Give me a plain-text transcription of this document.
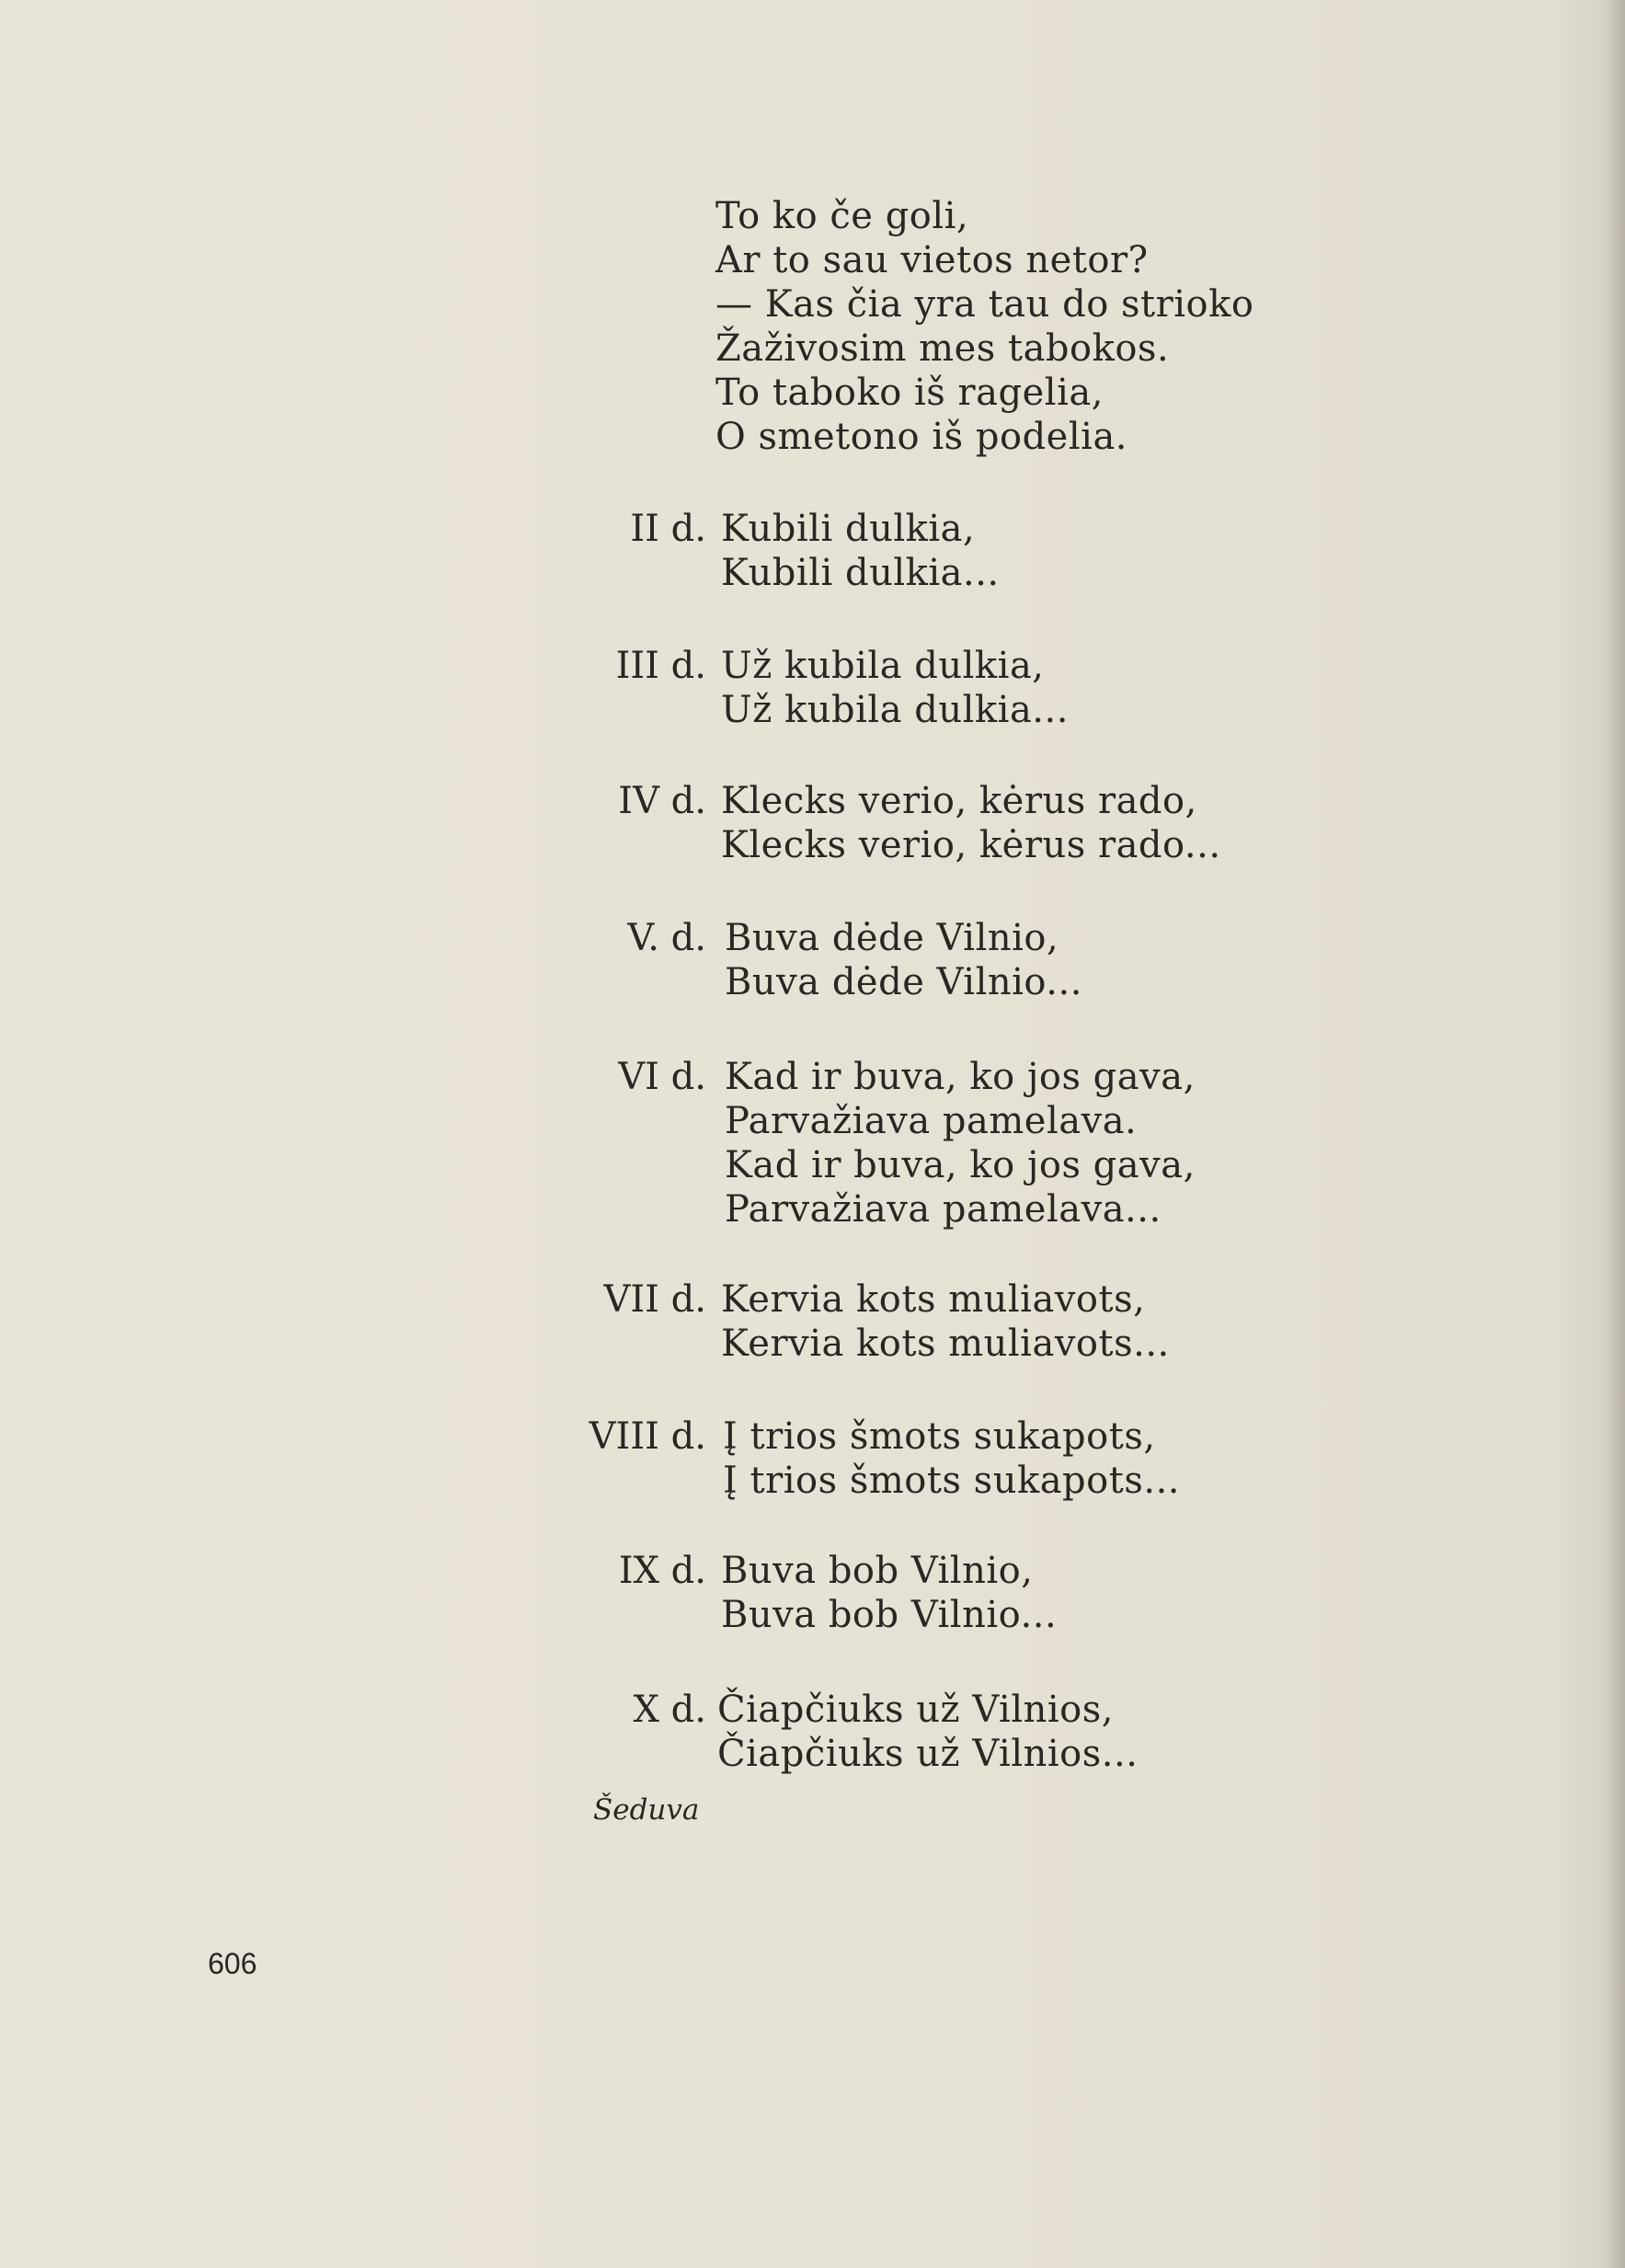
To ko če goli,
Ar to sau vietos netor?
— Kas čia yra tau do strioko
Žaživosim mes tabokos.
To taboko iš ragelia,
O smetono iš podelia.
II d. Kubili dulkia,
Kubili dulkia...
III d. Už kubila dulkia,
Už kubila dulkia...
IV d. Klecks verio, kėrus rado,
Klecks verio, kėrus rado...
V. d. Buva dėde Vilnio,
Buva dėde Vilnio...
VI d. Kad ir buva, ko jos gava,
Parvažiava pamelava.
Kad ir buva, ko jos gava,
Parvažiava pamelava...
VII d. Kervia kots muliavots,
Kervia kots muliavots...
VIII d. Į trios šmots sukapots,
Į trios šmots sukapots...
IX d. Buva bob Vilnio,
Buva bob Vilnio...
X d. Čiapčiuks už Vilnios,
Čiapčiuks už Vilnios...
Šeduva
606
